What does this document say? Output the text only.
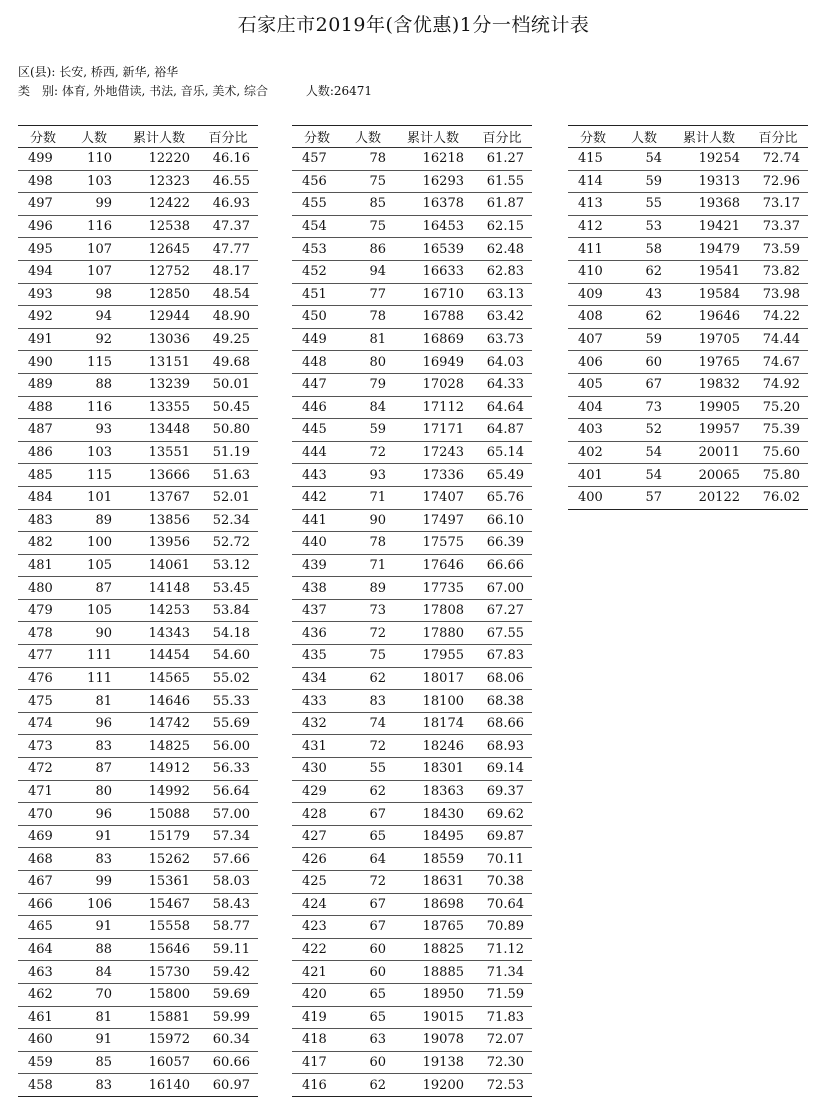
石家庄市2019年(含优惠)1分一档统计表
区(县): 长安, 桥西, 新华, 裕华
类　别: 体育, 外地借读, 书法, 音乐, 美术, 综合	人数:26471
分数	人数	累计人数	百分比
499	110	12220	46.16
498	103	12323	46.55
497	99	12422	46.93
496	116	12538	47.37
495	107	12645	47.77
494	107	12752	48.17
493	98	12850	48.54
492	94	12944	48.90
491	92	13036	49.25
490	115	13151	49.68
489	88	13239	50.01
488	116	13355	50.45
487	93	13448	50.80
486	103	13551	51.19
485	115	13666	51.63
484	101	13767	52.01
483	89	13856	52.34
482	100	13956	52.72
481	105	14061	53.12
480	87	14148	53.45
479	105	14253	53.84
478	90	14343	54.18
477	111	14454	54.60
476	111	14565	55.02
475	81	14646	55.33
474	96	14742	55.69
473	83	14825	56.00
472	87	14912	56.33
471	80	14992	56.64
470	96	15088	57.00
469	91	15179	57.34
468	83	15262	57.66
467	99	15361	58.03
466	106	15467	58.43
465	91	15558	58.77
464	88	15646	59.11
463	84	15730	59.42
462	70	15800	59.69
461	81	15881	59.99
460	91	15972	60.34
459	85	16057	60.66
458	83	16140	60.97
分数	人数	累计人数	百分比
457	78	16218	61.27
456	75	16293	61.55
455	85	16378	61.87
454	75	16453	62.15
453	86	16539	62.48
452	94	16633	62.83
451	77	16710	63.13
450	78	16788	63.42
449	81	16869	63.73
448	80	16949	64.03
447	79	17028	64.33
446	84	17112	64.64
445	59	17171	64.87
444	72	17243	65.14
443	93	17336	65.49
442	71	17407	65.76
441	90	17497	66.10
440	78	17575	66.39
439	71	17646	66.66
438	89	17735	67.00
437	73	17808	67.27
436	72	17880	67.55
435	75	17955	67.83
434	62	18017	68.06
433	83	18100	68.38
432	74	18174	68.66
431	72	18246	68.93
430	55	18301	69.14
429	62	18363	69.37
428	67	18430	69.62
427	65	18495	69.87
426	64	18559	70.11
425	72	18631	70.38
424	67	18698	70.64
423	67	18765	70.89
422	60	18825	71.12
421	60	18885	71.34
420	65	18950	71.59
419	65	19015	71.83
418	63	19078	72.07
417	60	19138	72.30
416	62	19200	72.53
分数	人数	累计人数	百分比
415	54	19254	72.74
414	59	19313	72.96
413	55	19368	73.17
412	53	19421	73.37
411	58	19479	73.59
410	62	19541	73.82
409	43	19584	73.98
408	62	19646	74.22
407	59	19705	74.44
406	60	19765	74.67
405	67	19832	74.92
404	73	19905	75.20
403	52	19957	75.39
402	54	20011	75.60
401	54	20065	75.80
400	57	20122	76.02
